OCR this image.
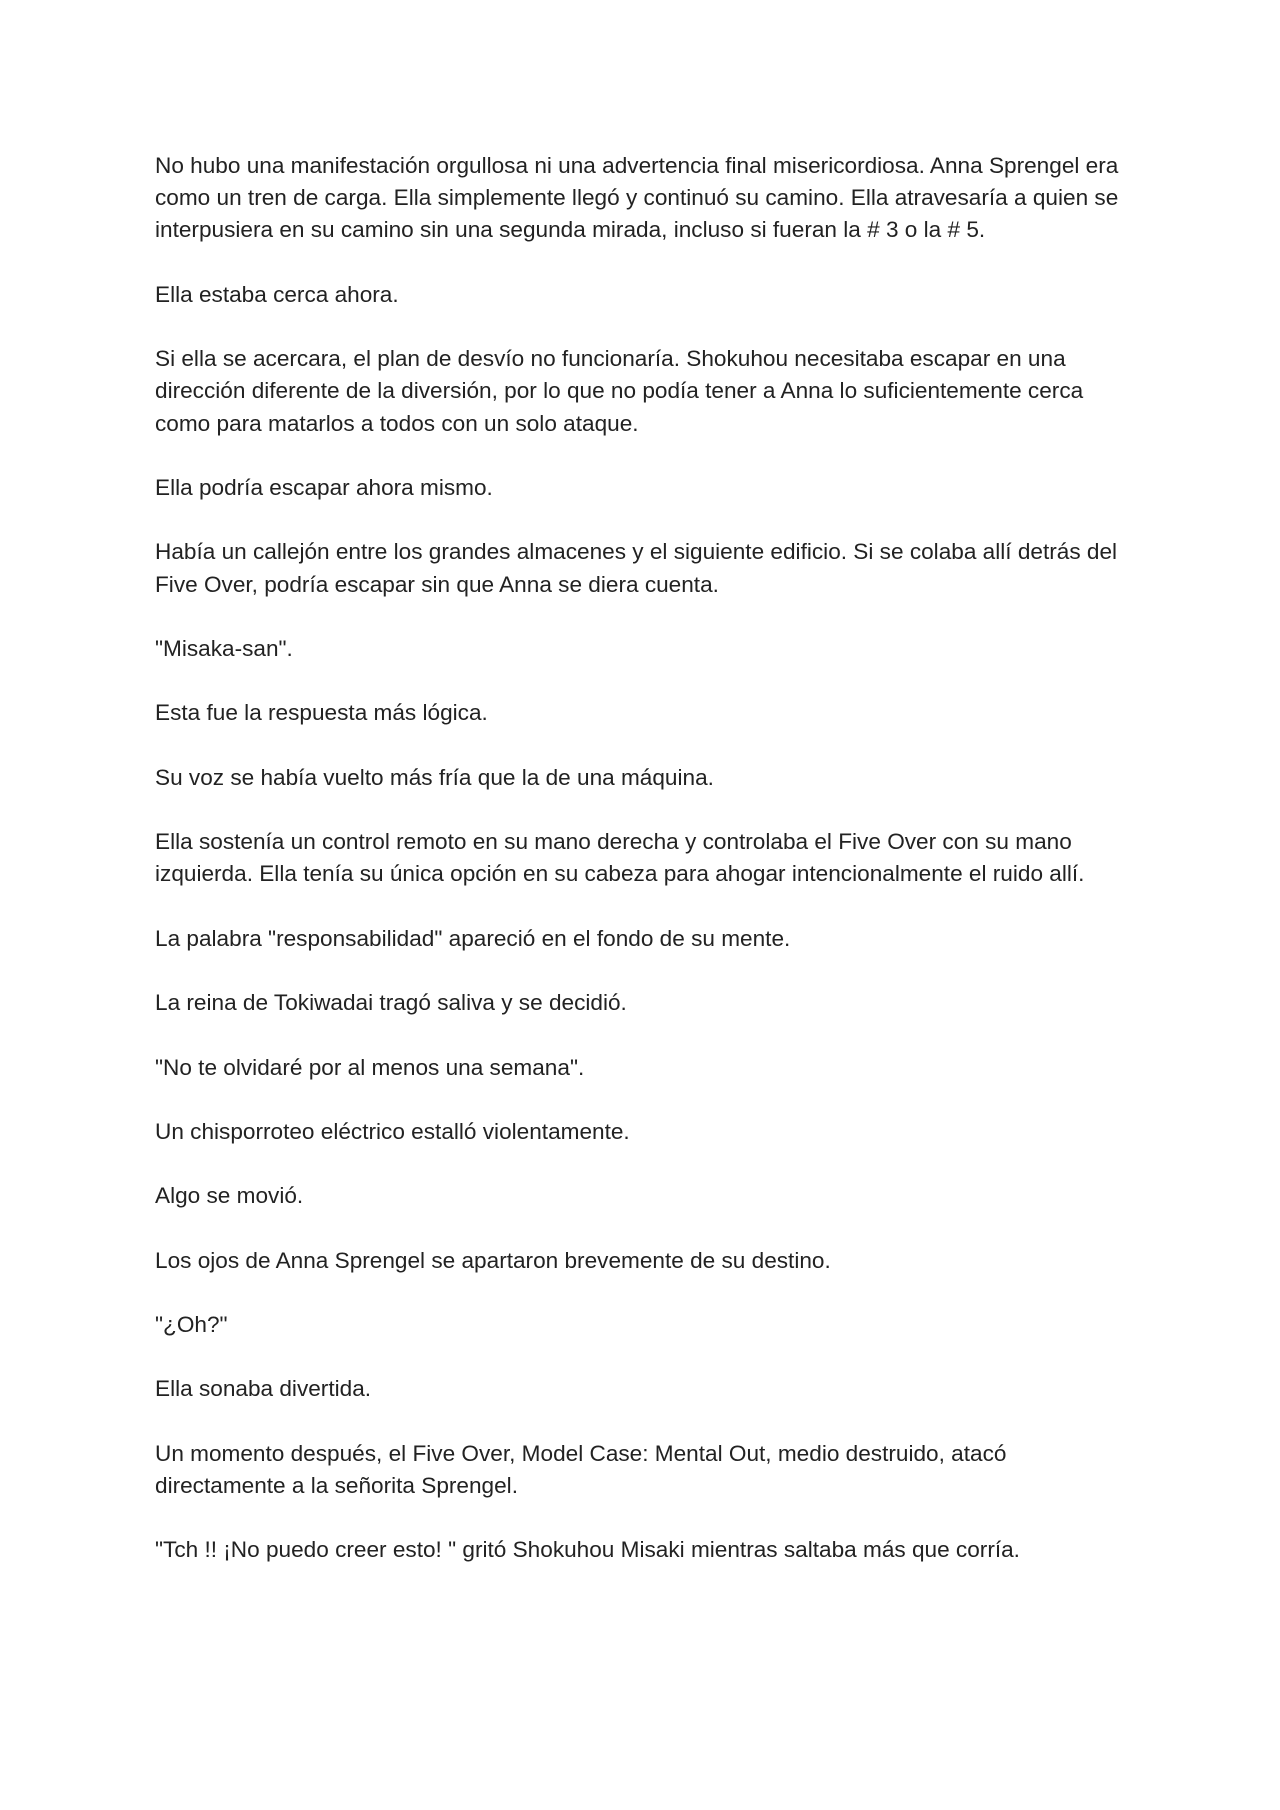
No hubo una manifestación orgullosa ni una advertencia final misericordiosa. Anna Sprengel era como un tren de carga. Ella simplemente llegó y continuó su camino. Ella atravesaría a quien se interpusiera en su camino sin una segunda mirada, incluso si fueran la # 3 o la # 5.

Ella estaba cerca ahora.

Si ella se acercara, el plan de desvío no funcionaría. Shokuhou necesitaba escapar en una dirección diferente de la diversión, por lo que no podía tener a Anna lo suficientemente cerca como para matarlos a todos con un solo ataque.

Ella podría escapar ahora mismo.

Había un callejón entre los grandes almacenes y el siguiente edificio. Si se colaba allí detrás del Five Over, podría escapar sin que Anna se diera cuenta.

"Misaka-san".

Esta fue la respuesta más lógica.

Su voz se había vuelto más fría que la de una máquina.

Ella sostenía un control remoto en su mano derecha y controlaba el Five Over con su mano izquierda. Ella tenía su única opción en su cabeza para ahogar intencionalmente el ruido allí.

La palabra "responsabilidad" apareció en el fondo de su mente.

La reina de Tokiwadai tragó saliva y se decidió.

"No te olvidaré por al menos una semana".

Un chisporroteo eléctrico estalló violentamente.

Algo se movió.

Los ojos de Anna Sprengel se apartaron brevemente de su destino.

"¿Oh?"

Ella sonaba divertida.

Un momento después, el Five Over, Model Case: Mental Out, medio destruido, atacó directamente a la señorita Sprengel.

"Tch !! ¡No puedo creer esto! " gritó Shokuhou Misaki mientras saltaba más que corría.
